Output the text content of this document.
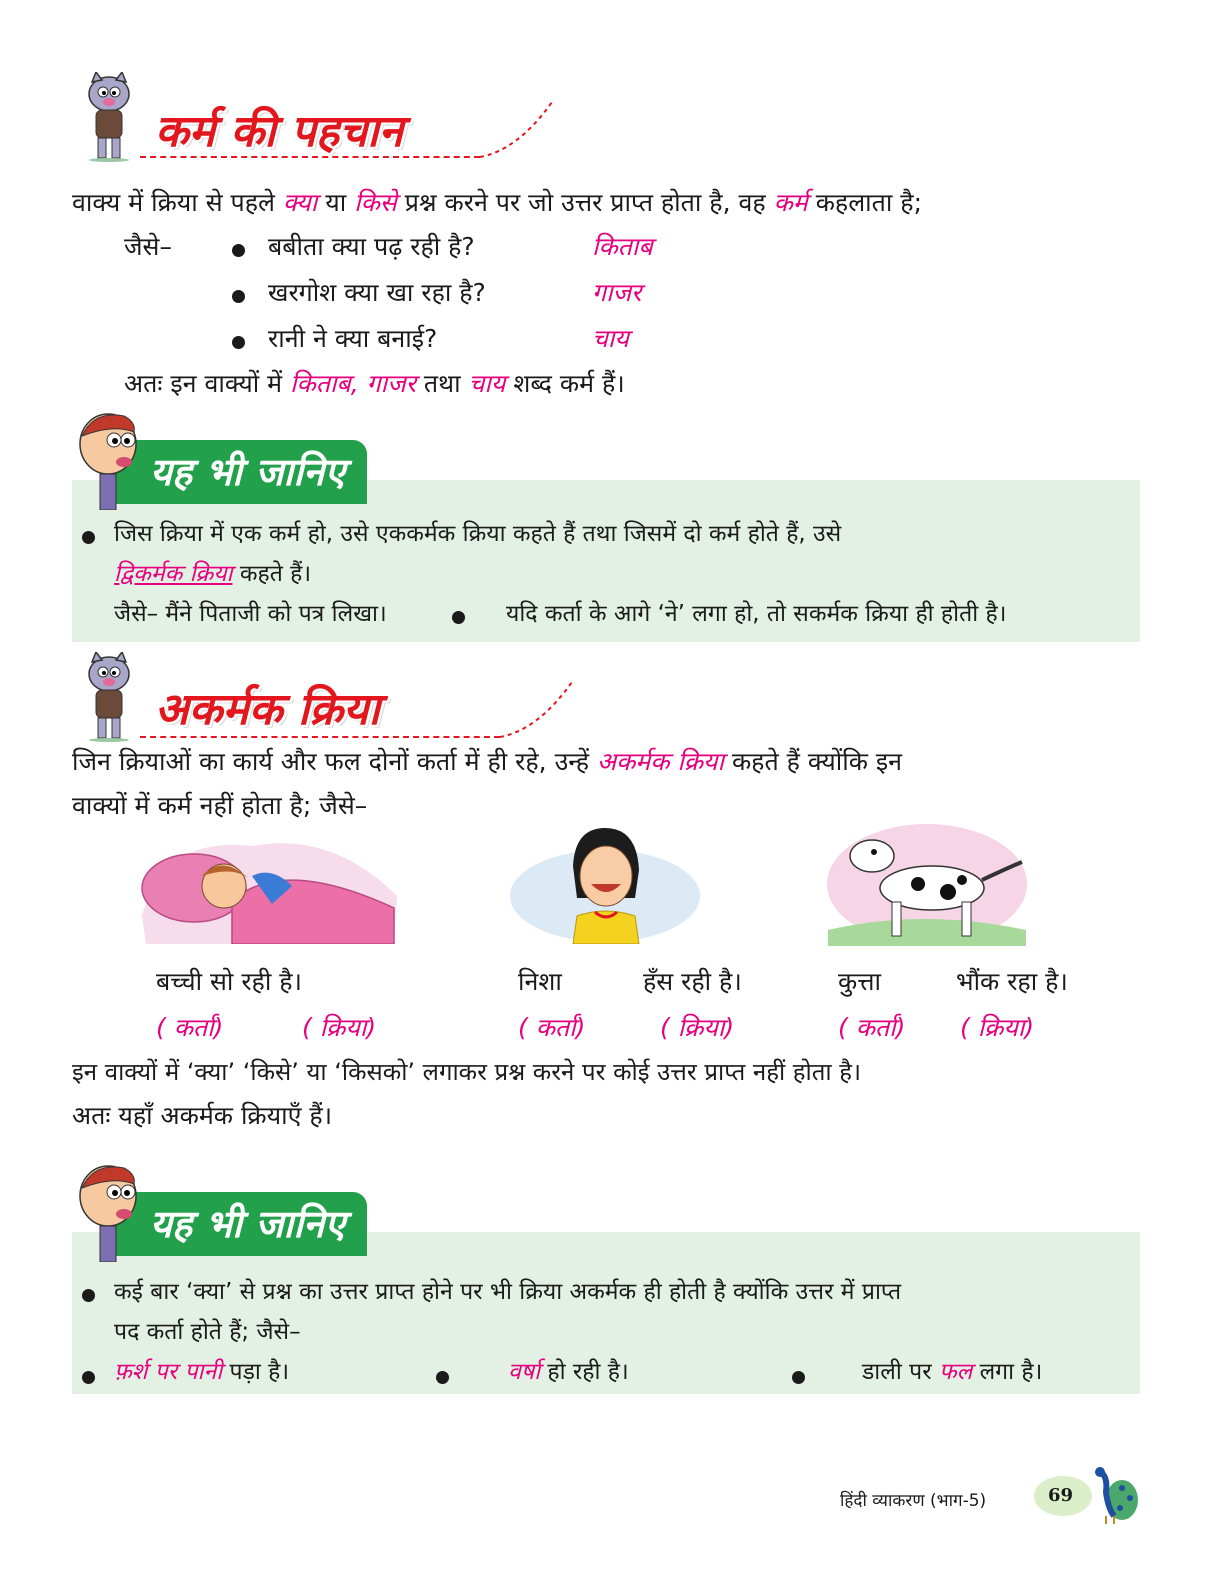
कर्म की पहचान
वाक्य में क्रिया से पहले क्या या किसे प्रश्न करने पर जो उत्तर प्राप्त होता है, वह कर्म कहलाता है;
जैसे–	बबीता क्या पढ़ रही है?	किताब
खरगोश क्या खा रहा है?	गाजर
रानी ने क्या बनाई?	चाय
अतः इन वाक्यों में किताब, गाजर तथा चाय शब्द कर्म हैं।
यह भी जानिए
जिस क्रिया में एक कर्म हो, उसे एककर्मक क्रिया कहते हैं तथा जिसमें दो कर्म होते हैं, उसे
द्विकर्मक क्रिया कहते हैं।
जैसे– मैंने पिताजी को पत्र लिखा।	यदि कर्ता के आगे ‘ने’ लगा हो, तो सकर्मक क्रिया ही होती है।
अकर्मक क्रिया
जिन क्रियाओं का कार्य और फल दोनों कर्ता में ही रहे, उन्हें अकर्मक क्रिया कहते हैं क्योंकि इन
वाक्यों में कर्म नहीं होता है; जैसे–
बच्ची सो रही है।	निशा	हँस रही है।	कुत्ता	भौंक रहा है।
( कर्ता)	( क्रिया)	( कर्ता)	( क्रिया)	( कर्ता) ( क्रिया)
इन वाक्यों में ‘क्या’ ‘किसे’ या ‘किसको’ लगाकर प्रश्न करने पर कोई उत्तर प्राप्त नहीं होता है।
अतः यहाँ अकर्मक क्रियाएँ हैं।
यह भी जानिए
कई बार ‘क्या’ से प्रश्न का उत्तर प्राप्त होने पर भी क्रिया अकर्मक ही होती है क्योंकि उत्तर में प्राप्त
पद कर्ता होते हैं; जैसे–
फ़र्श पर पानी पड़ा है।	वर्षा हो रही है।	डाली पर फल लगा है।
हिंदी व्याकरण (भाग-5)	69
